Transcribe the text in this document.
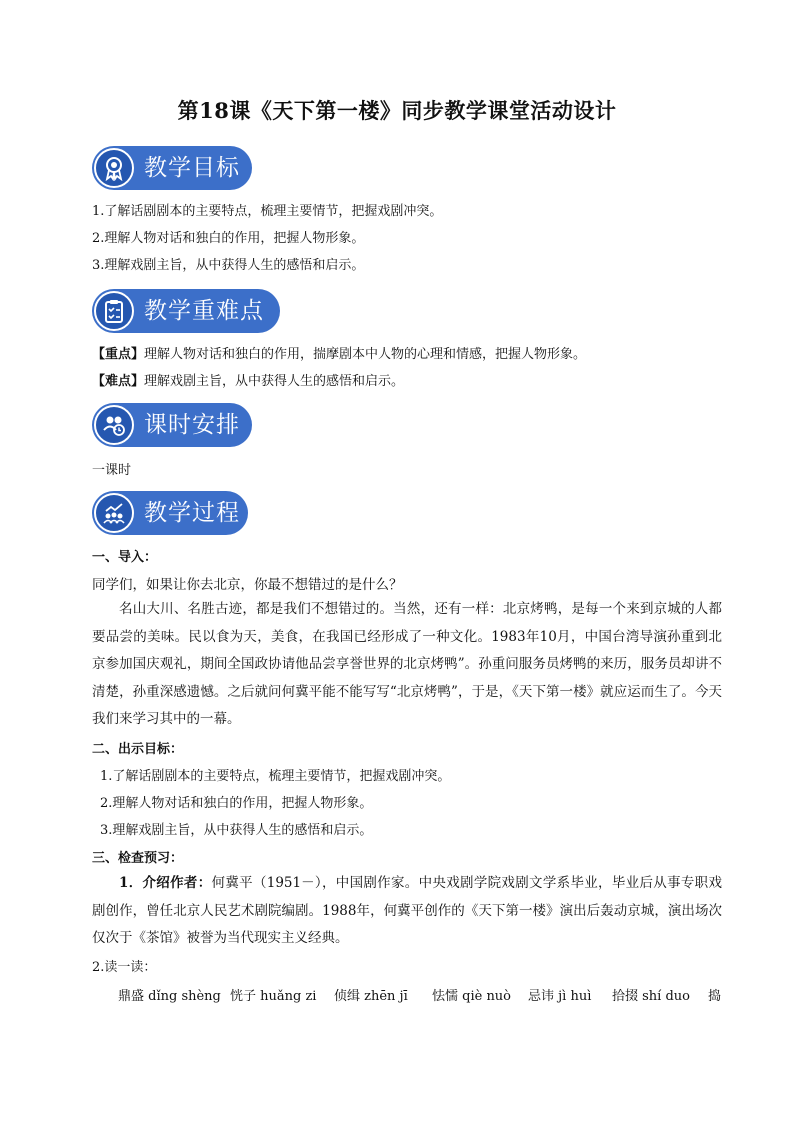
第18课《天下第一楼》同步教学课堂活动设计
教学目标
1.了解话剧剧本的主要特点，梳理主要情节，把握戏剧冲突。
2.理解人物对话和独白的作用，把握人物形象。
3.理解戏剧主旨，从中获得人生的感悟和启示。
教学重难点
【重点】理解人物对话和独白的作用，揣摩剧本中人物的心理和情感，把握人物形象。
【难点】理解戏剧主旨，从中获得人生的感悟和启示。
课时安排
一课时
教学过程
一、导入：
同学们，如果让你去北京，你最不想错过的是什么？

名山大川、名胜古迹，都是我们不想错过的。当然，还有一样：北京烤鸭，是每一个来到京城的人都要品尝的美味。民以食为天，美食，在我国已经形成了一种文化。1983年10月，中国台湾导演孙重到北京参加国庆观礼，期间全国政协请他品尝享誉世界的北京烤鸭”。孙重问服务员烤鸭的来历，服务员却讲不清楚，孙重深感遗憾。之后就问何冀平能不能写写“北京烤鸭”，于是，《天下第一楼》就应运而生了。今天我们来学习其中的一幕。

二、出示目标：
1.了解话剧剧本的主要特点，梳理主要情节，把握戏剧冲突。
2.理解人物对话和独白的作用，把握人物形象。
3.理解戏剧主旨，从中获得人生的感悟和启示。
三、检查预习：

1．介绍作者：何冀平（1951－），中国剧作家。中央戏剧学院戏剧文学系毕业，毕业后从事专职戏剧创作，曾任北京人民艺术剧院编剧。1988年，何冀平创作的《天下第一楼》演出后轰动京城，演出场次仅次于《茶馆》被誉为当代现实主义经典。

2.读一读：
鼎盛 dǐng shèng 恍子 huǎng zi 侦缉 zhēn jī 怯懦 qiè nuò 忌讳 jì huì 拾掇 shí duo 捣
